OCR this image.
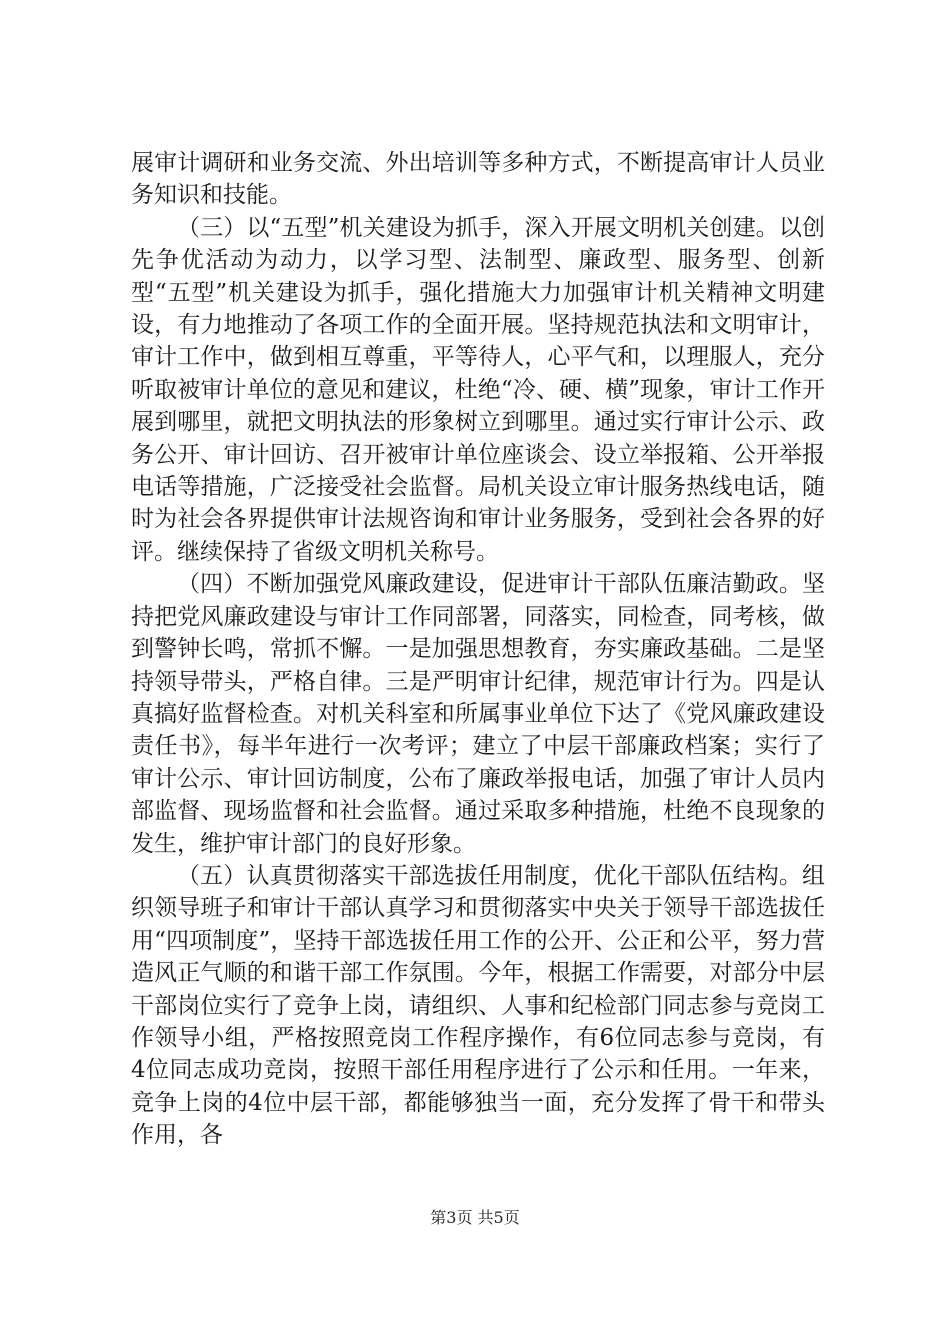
展审计调研和业务交流、外出培训等多种方式，不断提高审计人员业务知识和技能。

（三）以“五型”机关建设为抓手，深入开展文明机关创建。以创先争优活动为动力，以学习型、法制型、廉政型、服务型、创新型“五型”机关建设为抓手，强化措施大力加强审计机关精神文明建设，有力地推动了各项工作的全面开展。坚持规范执法和文明审计，审计工作中，做到相互尊重，平等待人，心平气和，以理服人，充分听取被审计单位的意见和建议，杜绝“冷、硬、横”现象，审计工作开展到哪里，就把文明执法的形象树立到哪里。通过实行审计公示、政务公开、审计回访、召开被审计单位座谈会、设立举报箱、公开举报电话等措施，广泛接受社会监督。局机关设立审计服务热线电话，随时为社会各界提供审计法规咨询和审计业务服务，受到社会各界的好评。继续保持了省级文明机关称号。

（四）不断加强党风廉政建设，促进审计干部队伍廉洁勤政。坚持把党风廉政建设与审计工作同部署，同落实，同检查，同考核，做到警钟长鸣，常抓不懈。一是加强思想教育，夯实廉政基础。二是坚持领导带头，严格自律。三是严明审计纪律，规范审计行为。四是认真搞好监督检查。对机关科室和所属事业单位下达了《党风廉政建设责任书》，每半年进行一次考评；建立了中层干部廉政档案；实行了审计公示、审计回访制度，公布了廉政举报电话，加强了审计人员内部监督、现场监督和社会监督。通过采取多种措施，杜绝不良现象的发生，维护审计部门的良好形象。

（五）认真贯彻落实干部选拔任用制度，优化干部队伍结构。组织领导班子和审计干部认真学习和贯彻落实中央关于领导干部选拔任用“四项制度”，坚持干部选拔任用工作的公开、公正和公平，努力营造风正气顺的和谐干部工作氛围。今年，根据工作需要，对部分中层干部岗位实行了竞争上岗，请组织、人事和纪检部门同志参与竞岗工作领导小组，严格按照竞岗工作程序操作，有6位同志参与竞岗，有4位同志成功竞岗，按照干部任用程序进行了公示和任用。一年来，竞争上岗的4位中层干部，都能够独当一面，充分发挥了骨干和带头作用，各

第3页 共5页
